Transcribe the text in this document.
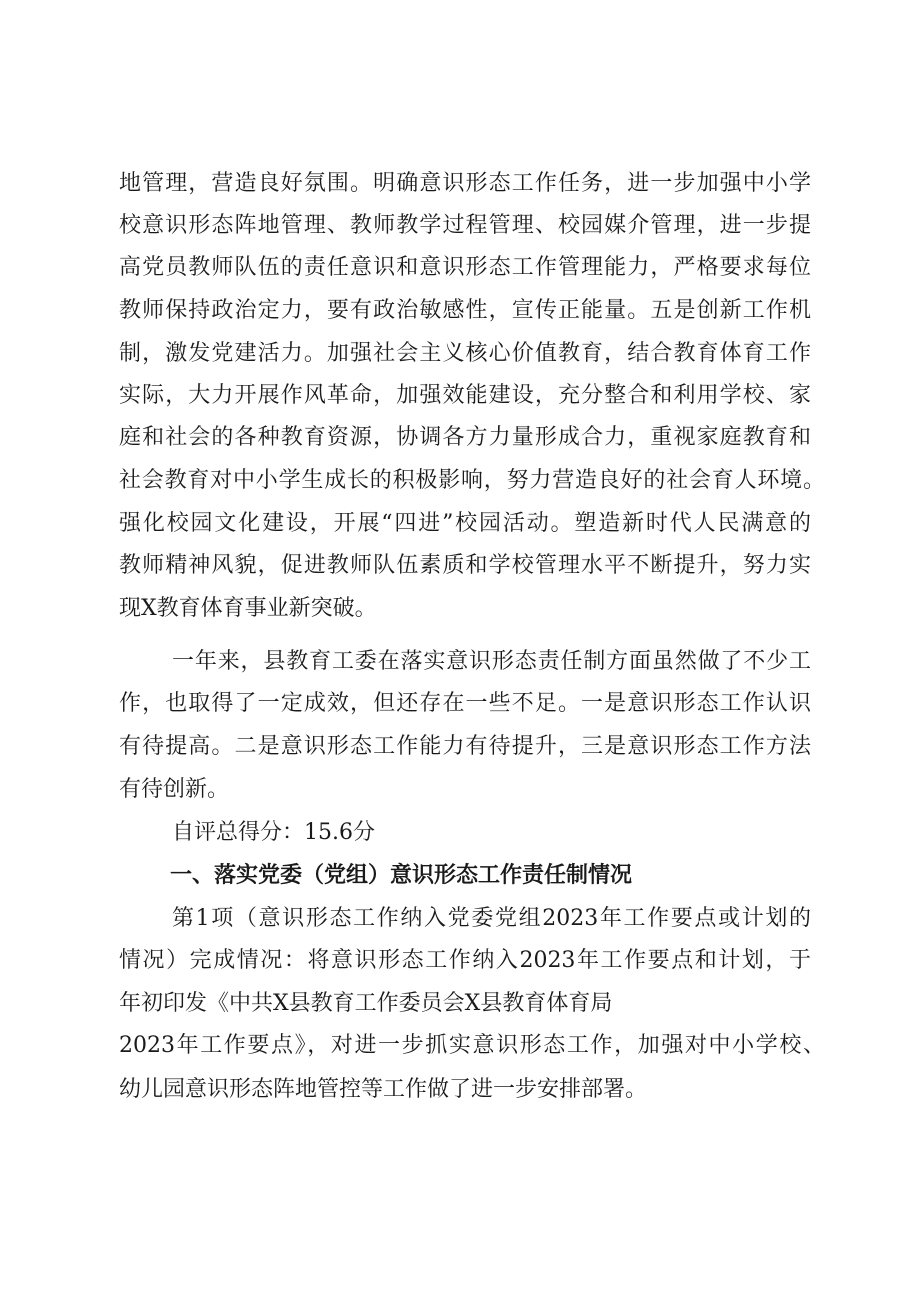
地管理，营造良好氛围。明确意识形态工作任务，进一步加强中小学
校意识形态阵地管理、教师教学过程管理、校园媒介管理，进一步提
高党员教师队伍的责任意识和意识形态工作管理能力，严格要求每位
教师保持政治定力，要有政治敏感性，宣传正能量。五是创新工作机
制，激发党建活力。加强社会主义核心价值教育，结合教育体育工作
实际，大力开展作风革命，加强效能建设，充分整合和利用学校、家
庭和社会的各种教育资源，协调各方力量形成合力，重视家庭教育和
社会教育对中小学生成长的积极影响，努力营造良好的社会育人环境。
强化校园文化建设，开展“四进”校园活动。塑造新时代人民满意的
教师精神风貌，促进教师队伍素质和学校管理水平不断提升，努力实
现X教育体育事业新突破。
一年来，县教育工委在落实意识形态责任制方面虽然做了不少工
作，也取得了一定成效，但还存在一些不足。一是意识形态工作认识
有待提高。二是意识形态工作能力有待提升，三是意识形态工作方法
有待创新。
自评总得分：15.6分
一、落实党委（党组）意识形态工作责任制情况
第1项（意识形态工作纳入党委党组2023年工作要点或计划的
情况）完成情况：将意识形态工作纳入2023年工作要点和计划，于
年初印发《中共X县教育工作委员会X县教育体育局
2023年工作要点》，对进一步抓实意识形态工作，加强对中小学校、
幼儿园意识形态阵地管控等工作做了进一步安排部署。
